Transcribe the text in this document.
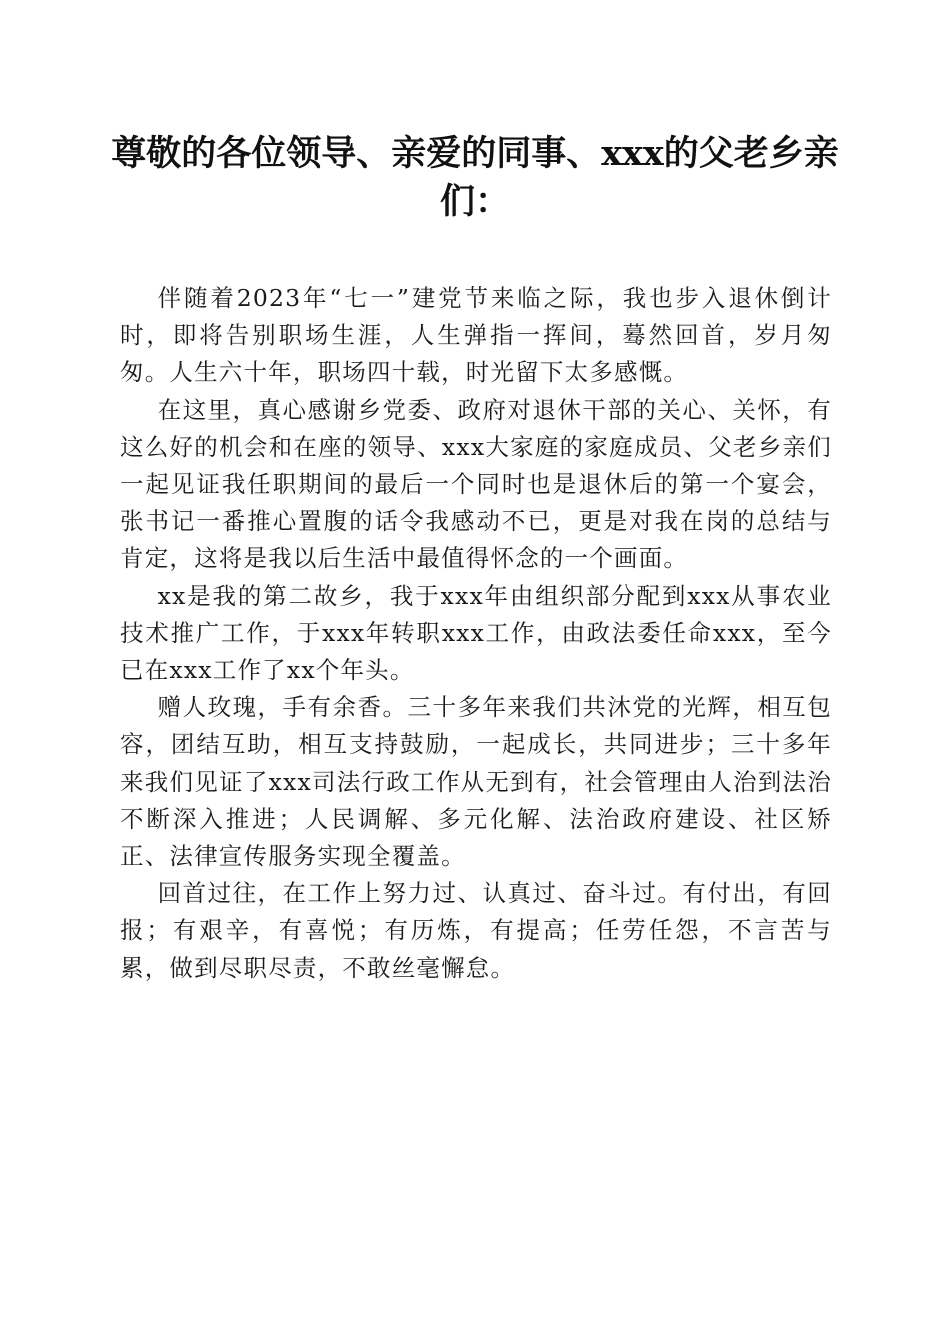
尊敬的各位领导、亲爱的同事、xxx的父老乡亲们：

伴随着2023年“七一”建党节来临之际，我也步入退休倒计时，即将告别职场生涯，人生弹指一挥间，蓦然回首，岁月匆匆。人生六十年，职场四十载，时光留下太多感慨。

在这里，真心感谢乡党委、政府对退休干部的关心、关怀，有这么好的机会和在座的领导、xxx大家庭的家庭成员、父老乡亲们一起见证我任职期间的最后一个同时也是退休后的第一个宴会，张书记一番推心置腹的话令我感动不已，更是对我在岗的总结与肯定，这将是我以后生活中最值得怀念的一个画面。

xx是我的第二故乡，我于xxx年由组织部分配到xxx从事农业技术推广工作，于xxx年转职xxx工作，由政法委任命xxx，至今已在xxx工作了xx个年头。

赠人玫瑰，手有余香。三十多年来我们共沐党的光辉，相互包容，团结互助，相互支持鼓励，一起成长，共同进步；三十多年来我们见证了xxx司法行政工作从无到有，社会管理由人治到法治不断深入推进；人民调解、多元化解、法治政府建设、社区矫正、法律宣传服务实现全覆盖。

回首过往，在工作上努力过、认真过、奋斗过。有付出，有回报；有艰辛，有喜悦；有历炼，有提高；任劳任怨，不言苦与累，做到尽职尽责，不敢丝毫懈怠。
